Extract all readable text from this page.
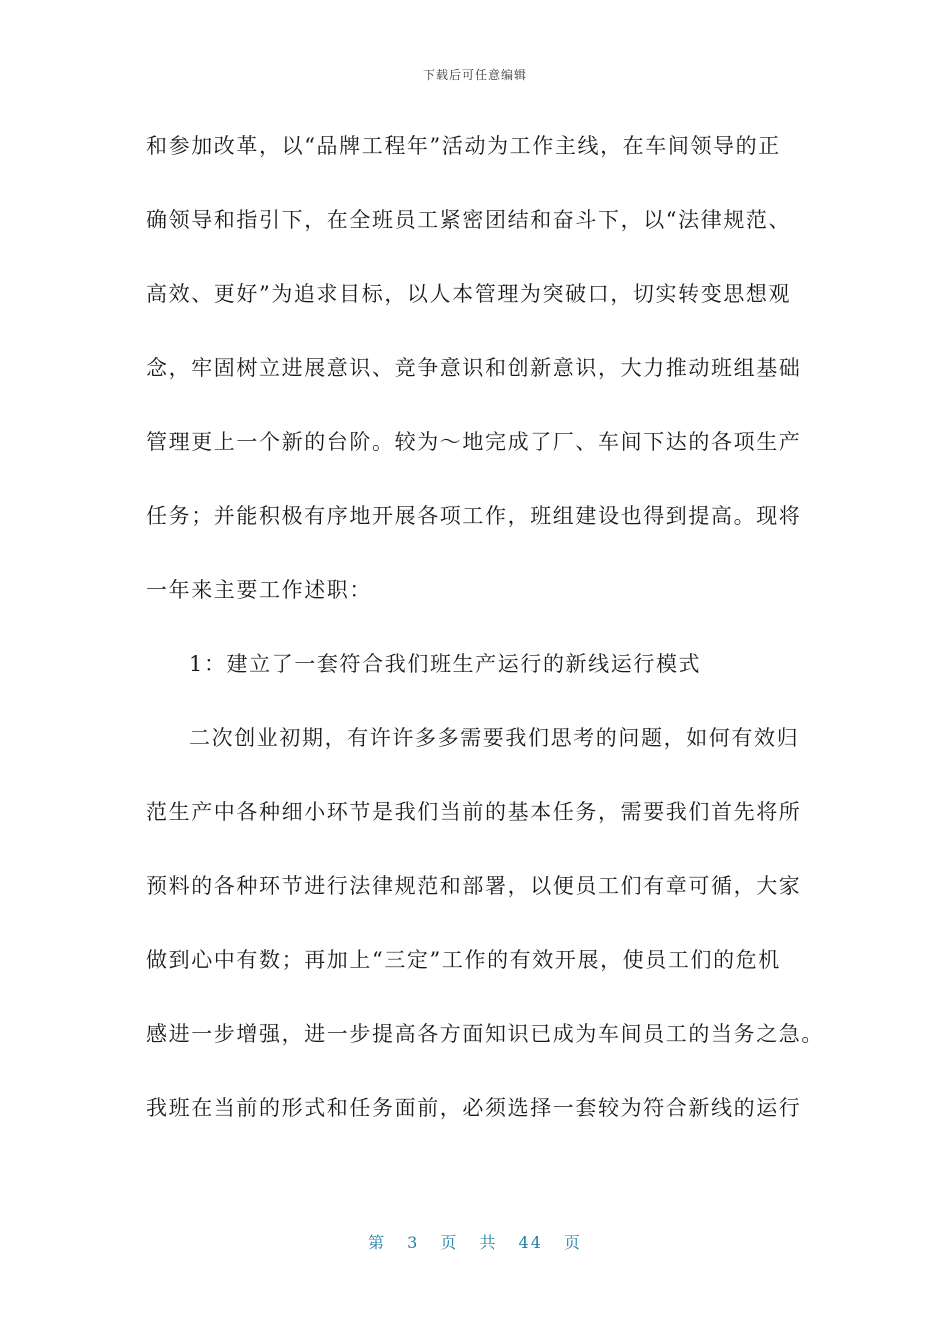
下载后可任意编辑
和参加改革，以“品牌工程年”活动为工作主线，在车间领导的正
确领导和指引下，在全班员工紧密团结和奋斗下，以“法律规范、
高效、更好”为追求目标，以人本管理为突破口，切实转变思想观
念，牢固树立进展意识、竞争意识和创新意识，大力推动班组基础
管理更上一个新的台阶。较为～地完成了厂、车间下达的各项生产
任务；并能积极有序地开展各项工作，班组建设也得到提高。现将
一年来主要工作述职：
1：建立了一套符合我们班生产运行的新线运行模式
二次创业初期，有许许多多需要我们思考的问题，如何有效归
范生产中各种细小环节是我们当前的基本任务，需要我们首先将所
预料的各种环节进行法律规范和部署，以便员工们有章可循，大家
做到心中有数；再加上“三定”工作的有效开展，使员工们的危机
感进一步增强，进一步提高各方面知识已成为车间员工的当务之急。
我班在当前的形式和任务面前，必须选择一套较为符合新线的运行
第 3 页 共 44 页
